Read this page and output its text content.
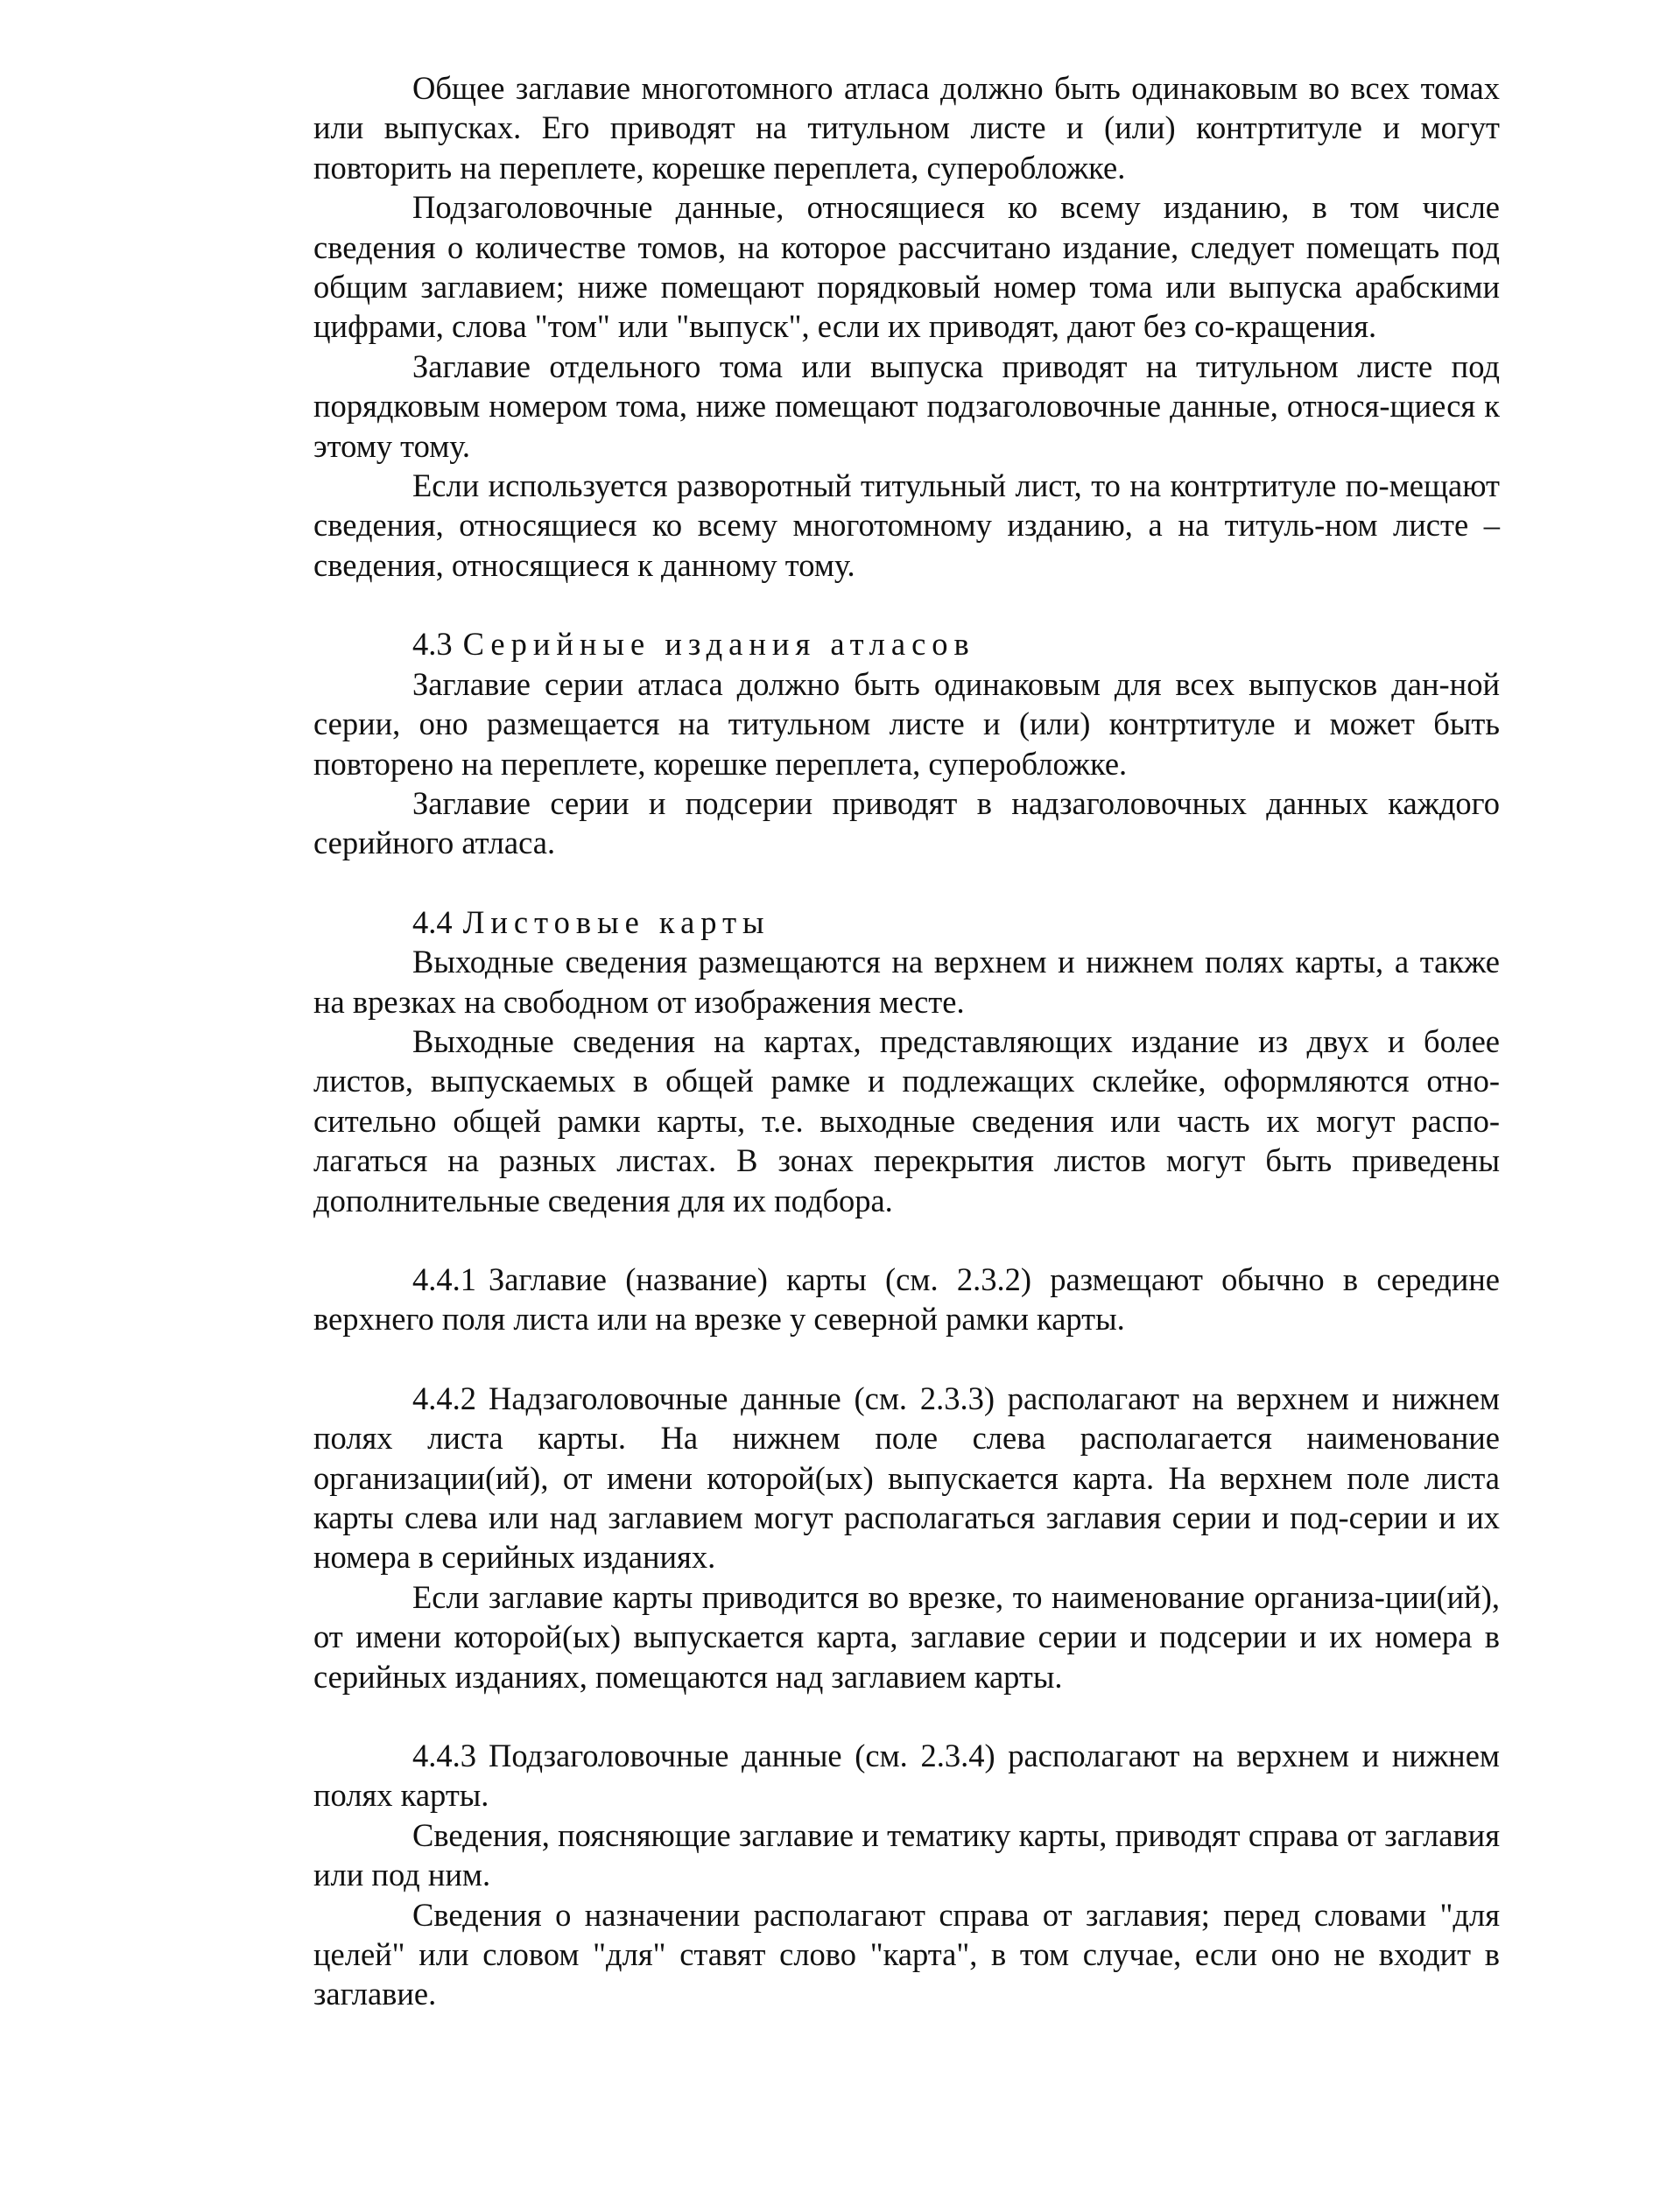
Общее заглавие многотомного атласа должно быть одинаковым во всех томах или выпусках. Его приводят на титульном листе и (или) контртитуле и могут повторить на переплете, корешке переплета, суперобложке.

Подзаголовочные данные, относящиеся ко всему изданию, в том числе сведения о количестве томов, на которое рассчитано издание, следует помещать под общим заглавием; ниже помещают порядковый номер тома или выпуска арабскими цифрами, слова "том" или "выпуск", если их приводят, дают без со-кращения.

Заглавие отдельного тома или выпуска приводят на титульном листе под порядковым номером тома, ниже помещают подзаголовочные данные, относя-щиеся к этому тому.

Если используется разворотный титульный лист, то на контртитуле по-мещают сведения, относящиеся ко всему многотомному изданию, а на титуль-ном листе – сведения, относящиеся к данному тому.

4.3 Серийные издания атласов

Заглавие серии атласа должно быть одинаковым для всех выпусков дан-ной серии, оно размещается на титульном листе и (или) контртитуле и может быть повторено на переплете, корешке переплета, суперобложке.

Заглавие серии и подсерии приводят в надзаголовочных данных каждого серийного атласа.

4.4 Листовые карты

Выходные сведения размещаются на верхнем и нижнем полях карты, а также на врезках на свободном от изображения месте.

Выходные сведения на картах, представляющих издание из двух и более листов, выпускаемых в общей рамке и подлежащих склейке, оформляются отно-сительно общей рамки карты, т.е. выходные сведения или часть их могут распо-лагаться на разных листах. В зонах перекрытия листов могут быть приведены дополнительные сведения для их подбора.

4.4.1 Заглавие (название) карты (см. 2.3.2) размещают обычно в середине верхнего поля листа или на врезке у северной рамки карты.

4.4.2 Надзаголовочные данные (см. 2.3.3) располагают на верхнем и нижнем полях листа карты. На нижнем поле слева располагается наименование организации(ий), от имени которой(ых) выпускается карта. На верхнем поле листа карты слева или над заглавием могут располагаться заглавия серии и под-серии и их номера в серийных изданиях.

Если заглавие карты приводится во врезке, то наименование организа-ции(ий), от имени которой(ых) выпускается карта, заглавие серии и подсерии и их номера в серийных изданиях, помещаются над заглавием карты.

4.4.3 Подзаголовочные данные (см. 2.3.4) располагают на верхнем и нижнем полях карты.

Сведения, поясняющие заглавие и тематику карты, приводят справа от заглавия или под ним.

Сведения о назначении располагают справа от заглавия; перед словами "для целей" или словом "для" ставят слово "карта", в том случае, если оно не входит в заглавие.
